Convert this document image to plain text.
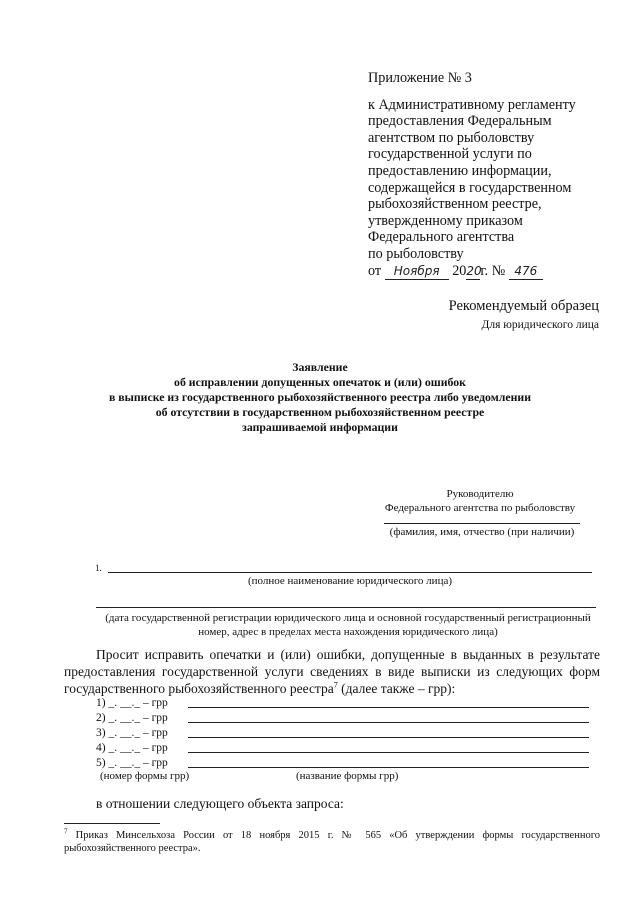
Приложение № 3
к Административному регламенту
предоставления Федеральным
агентством по рыболовству
государственной услуги по
предоставлению информации,
содержащейся в государственном
рыбохозяйственном реестре,
утвержденному приказом
Федерального агентства
по рыболовству
от Ноября 2020г. № 476
Рекомендуемый образец
Для юридического лица
Заявление
об исправлении допущенных опечаток и (или) ошибок
в выписке из государственного рыбохозяйственного реестра либо уведомлении
об отсутствии в государственном рыбохозяйственном реестре
запрашиваемой информации
Руководителю
Федерального агентства по рыболовству
(фамилия, имя, отчество (при наличии)
1.
(полное наименование юридического лица)
(дата государственной регистрации юридического лица и основной государственный регистрационный
номер, адрес в пределах места нахождения юридического лица)
Просит исправить опечатки и (или) ошибки, допущенные в выданных в результате предоставления государственной услуги сведениях в виде выписки из следующих форм государственного рыбохозяйственного реестра$^7$ (далее также – грр):
1) _. __._ – грр
2) _. __._ – грр
3) _. __._ – грр
4) _. __._ – грр
5) _. __._ – грр
(номер формы грр)	(название формы грр)
в отношении следующего объекта запроса:
$^7$ Приказ Минсельхоза России от 18 ноября 2015 г. № 565 «Об утверждении формы государственного рыбохозяйственного реестра».
